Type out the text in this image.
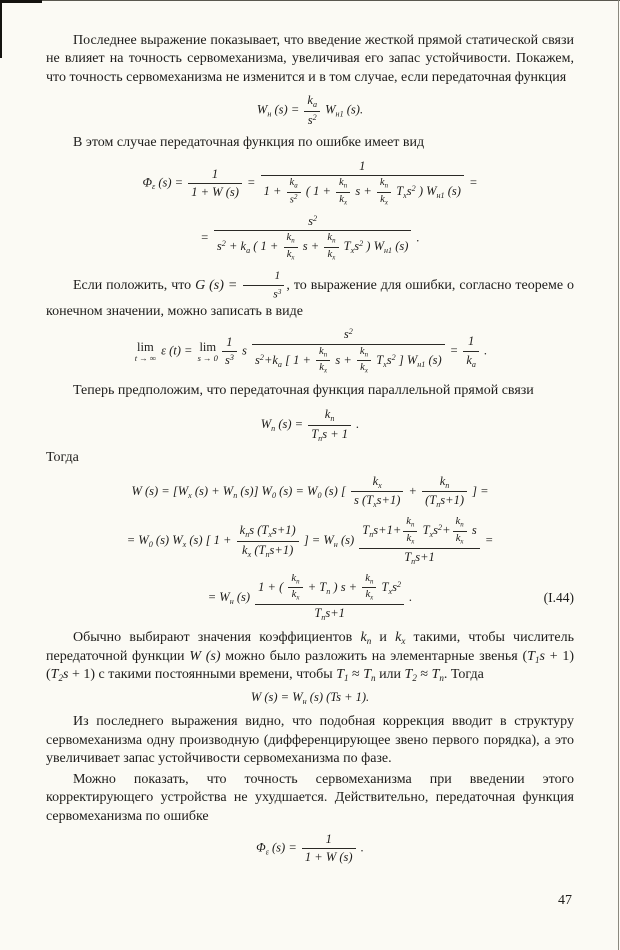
Последнее выражение показывает, что введение жесткой прямой статической связи не влияет на точность сервомеханизма, увеличивая его запас устойчивости. Покажем, что точность сервомеханизма не изменится и в том случае, если передаточная функция

$W_н$ $(s) = \frac{k_a}{s^2} W_{н1}$ (s).

В этом случае передаточная функция по ошибке имеет вид

$\Phi_\varepsilon$ $(s) = \frac{1}{1 + W (s)} = \frac{1}{1 + \frac{k_a}{s^2} ( 1 + \frac{k_п}{k_x} s + \frac{k_п}{k_x} T_xs^2 ) W_{н1} (s)}$ =
= $\frac{s^2}{s^2 + k_a ( 1 + \frac{k_п}{k_x} s + \frac{k_п}{k_x} T_xs^2 ) W_{н1} (s)}$ .

Если положить, что G $(s) = \frac{1}{s^3}$ , то выражение для ошибки, согласно теореме о конечном значении, можно записать в виде

lim
t → ∞
ε (t) = lim
$s \to 0 \frac{1}{s^3}$ s $\frac{s^2}{s^2+k_a [ 1 + \frac{k_п}{k_x} s + \frac{k_п}{k_x} T_xs^2 ] W_{н1} (s)} = \frac{1}{k_a}$ .

Теперь предположим, что передаточная функция параллельной прямой связи

$W_п$ $(s) = \frac{k_п}{T_пs + 1}$ .

Тогда

W $(s) = [W_x$ $(s) + W_п$ (s)] $W_0$ $(s) = W_0$ (s) [ $\frac{k_x}{s (T_xs+1)} + \frac{k_п}{(T_пs+1)}$ ] =
= $W_0$ (s) $W_x$ (s) [ $1 + \frac{k_пs (T_xs+1)}{k_x (T_пs+1)}$ ] = $W_н$ $(s) \frac{T_пs+1+ \frac{k_п}{k_x} T_xs^2+ \frac{k_п}{k_x} s}{T_пs+1}$ =
= $W_н$ $(s) \frac{1 + ( \frac{k_п}{k_x} + T_п ) s + \frac{k_п}{k_x} T_xs^2}{T_пs+1}$ .	(I.44)

Обычно выбирают значения коэффициентов $k_п$ и $k_x$ такими, чтобы числитель передаточной функции W (s) можно было разложить на элементарные звенья $(T_1s + 1) (T_2s + 1)$ с такими постоянными времени, чтобы $T_1 \approx T_п$ или $T_2 \approx T_п$. Тогда

W $(s) = W_н$ (s) (Ts + 1).

Из последнего выражения видно, что подобная коррекция вводит в структуру сервомеханизма одну производную (дифференцирующее звено первого порядка), а это увеличивает запас устойчивости сервомеханизма по фазе.

Можно показать, что точность сервомеханизма при введении этого корректирующего устройства не ухудшается. Действительно, передаточная функция сервомеханизма по ошибке

$\Phi_\varepsilon$ $(s) = \frac{1}{1 + W (s)}$ .
47
